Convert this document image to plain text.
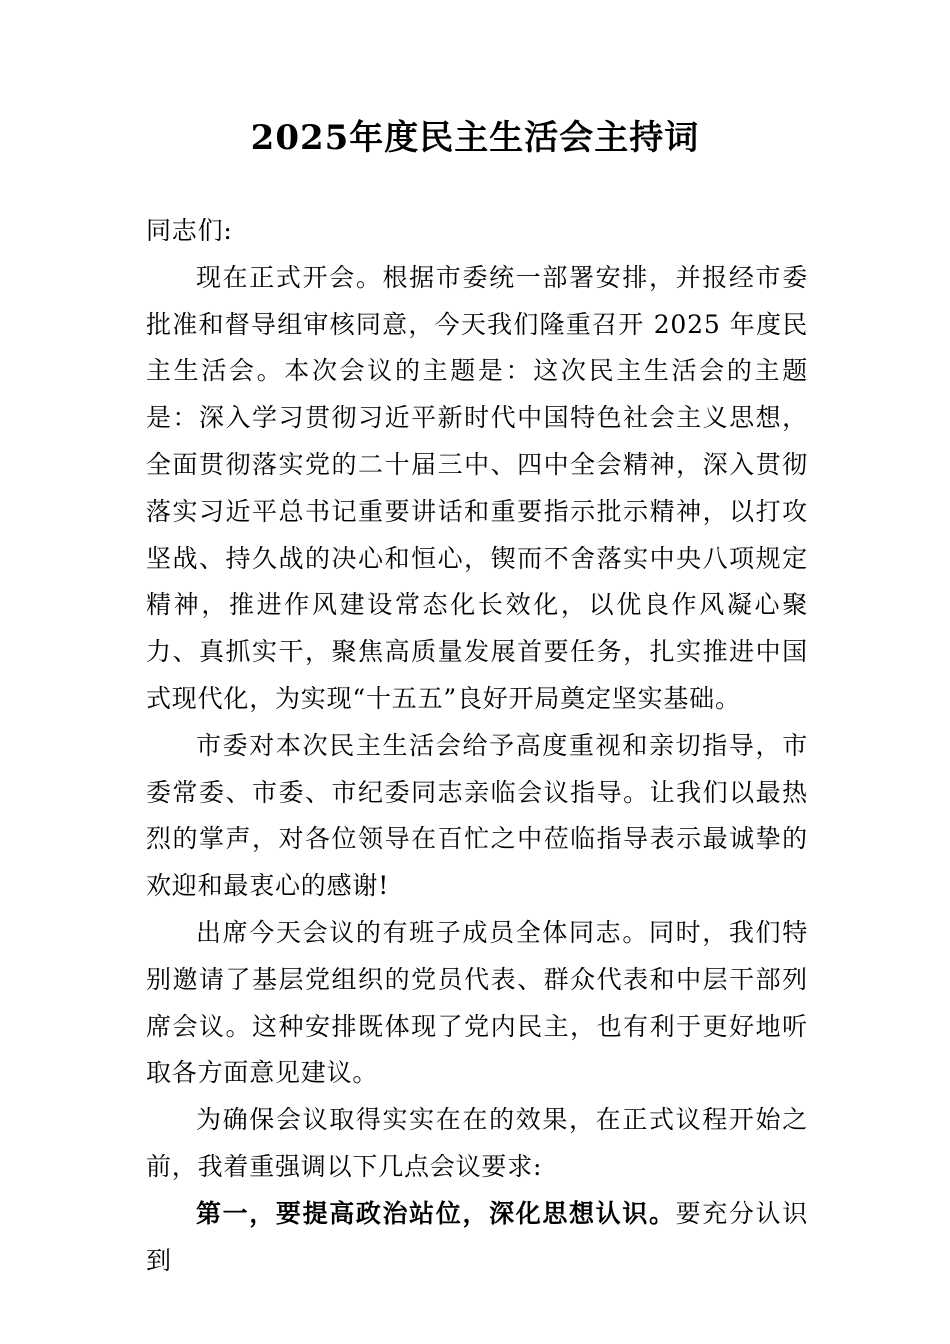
2025年度民主生活会主持词

同志们:

现在正式开会。根据市委统一部署安排，并报经市委批准和督导组审核同意，今天我们隆重召开 2025 年度民主生活会。本次会议的主题是：这次民主生活会的主题是：深入学习贯彻习近平新时代中国特色社会主义思想，全面贯彻落实党的二十届三中、四中全会精神，深入贯彻落实习近平总书记重要讲话和重要指示批示精神，以打攻坚战、持久战的决心和恒心，锲而不舍落实中央八项规定精神，推进作风建设常态化长效化，以优良作风凝心聚力、真抓实干，聚焦高质量发展首要任务，扎实推进中国式现代化，为实现“十五五”良好开局奠定坚实基础。

市委对本次民主生活会给予高度重视和亲切指导，市委常委、市委、市纪委同志亲临会议指导。让我们以最热烈的掌声，对各位领导在百忙之中莅临指导表示最诚挚的欢迎和最衷心的感谢!

出席今天会议的有班子成员全体同志。同时，我们特别邀请了基层党组织的党员代表、群众代表和中层干部列席会议。这种安排既体现了党内民主，也有利于更好地听取各方面意见建议。

为确保会议取得实实在在的效果，在正式议程开始之前，我着重强调以下几点会议要求:

第一，要提高政治站位，深化思想认识。要充分认识到
